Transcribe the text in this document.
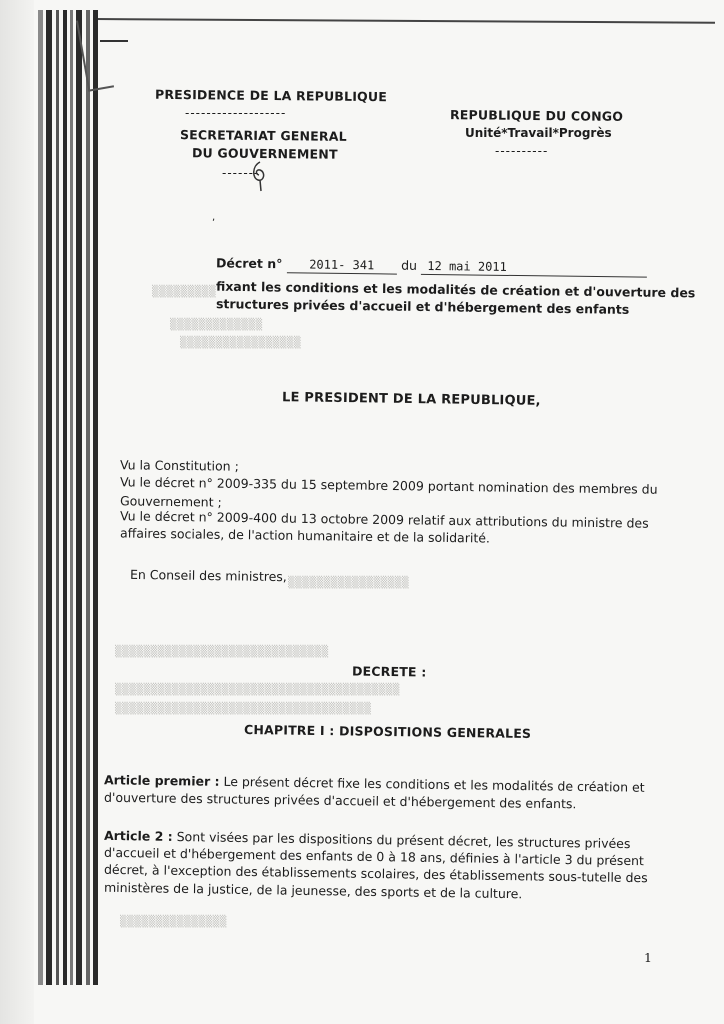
PRESIDENCE DE LA REPUBLIQUE
-------------------
SECRETARIAT GENERAL
DU GOUVERNEMENT
-------
REPUBLIQUE DU CONGO
Unité*Travail*Progrès
----------
,
Décret n° 2011- 341 du 12 mai 2011
fixant les conditions et les modalités de création et d'ouverture des
structures privées d'accueil et d'hébergement des enfants
▒▒▒▒▒▒▒▒▒
▒▒▒▒▒▒▒▒▒▒▒▒▒
▒▒▒▒▒▒▒▒▒▒▒▒▒▒▒▒▒
LE PRESIDENT DE LA REPUBLIQUE,
Vu la Constitution ;
Vu le décret n° 2009-335 du 15 septembre 2009 portant nomination des membres du
Gouvernement ;
Vu le décret n° 2009-400 du 13 octobre 2009 relatif aux attributions du ministre des
affaires sociales, de l'action humanitaire et de la solidarité.
En Conseil des ministres, ▒▒▒▒▒▒▒▒▒▒▒▒▒▒▒▒▒
▒▒▒▒▒▒▒▒▒▒▒▒▒▒▒▒▒▒▒▒▒▒▒▒▒▒▒▒▒▒
▒▒▒▒▒▒▒▒▒▒▒▒▒▒▒▒▒▒▒▒▒▒▒▒▒▒▒▒▒▒▒▒▒▒▒▒▒▒▒▒
▒▒▒▒▒▒▒▒▒▒▒▒▒▒▒▒▒▒▒▒▒▒▒▒▒▒▒▒▒▒▒▒▒▒▒▒
DECRETE :
CHAPITRE I : DISPOSITIONS GENERALES
Article premier : Le présent décret fixe les conditions et les modalités de création et
d'ouverture des structures privées d'accueil et d'hébergement des enfants.
Article 2 : Sont visées par les dispositions du présent décret, les structures privées
d'accueil et d'hébergement des enfants de 0 à 18 ans, définies à l'article 3 du présent
décret, à l'exception des établissements scolaires, des établissements sous-tutelle des
ministères de la justice, de la jeunesse, des sports et de la culture.
▒▒▒▒▒▒▒▒▒▒▒▒▒▒▒
1
